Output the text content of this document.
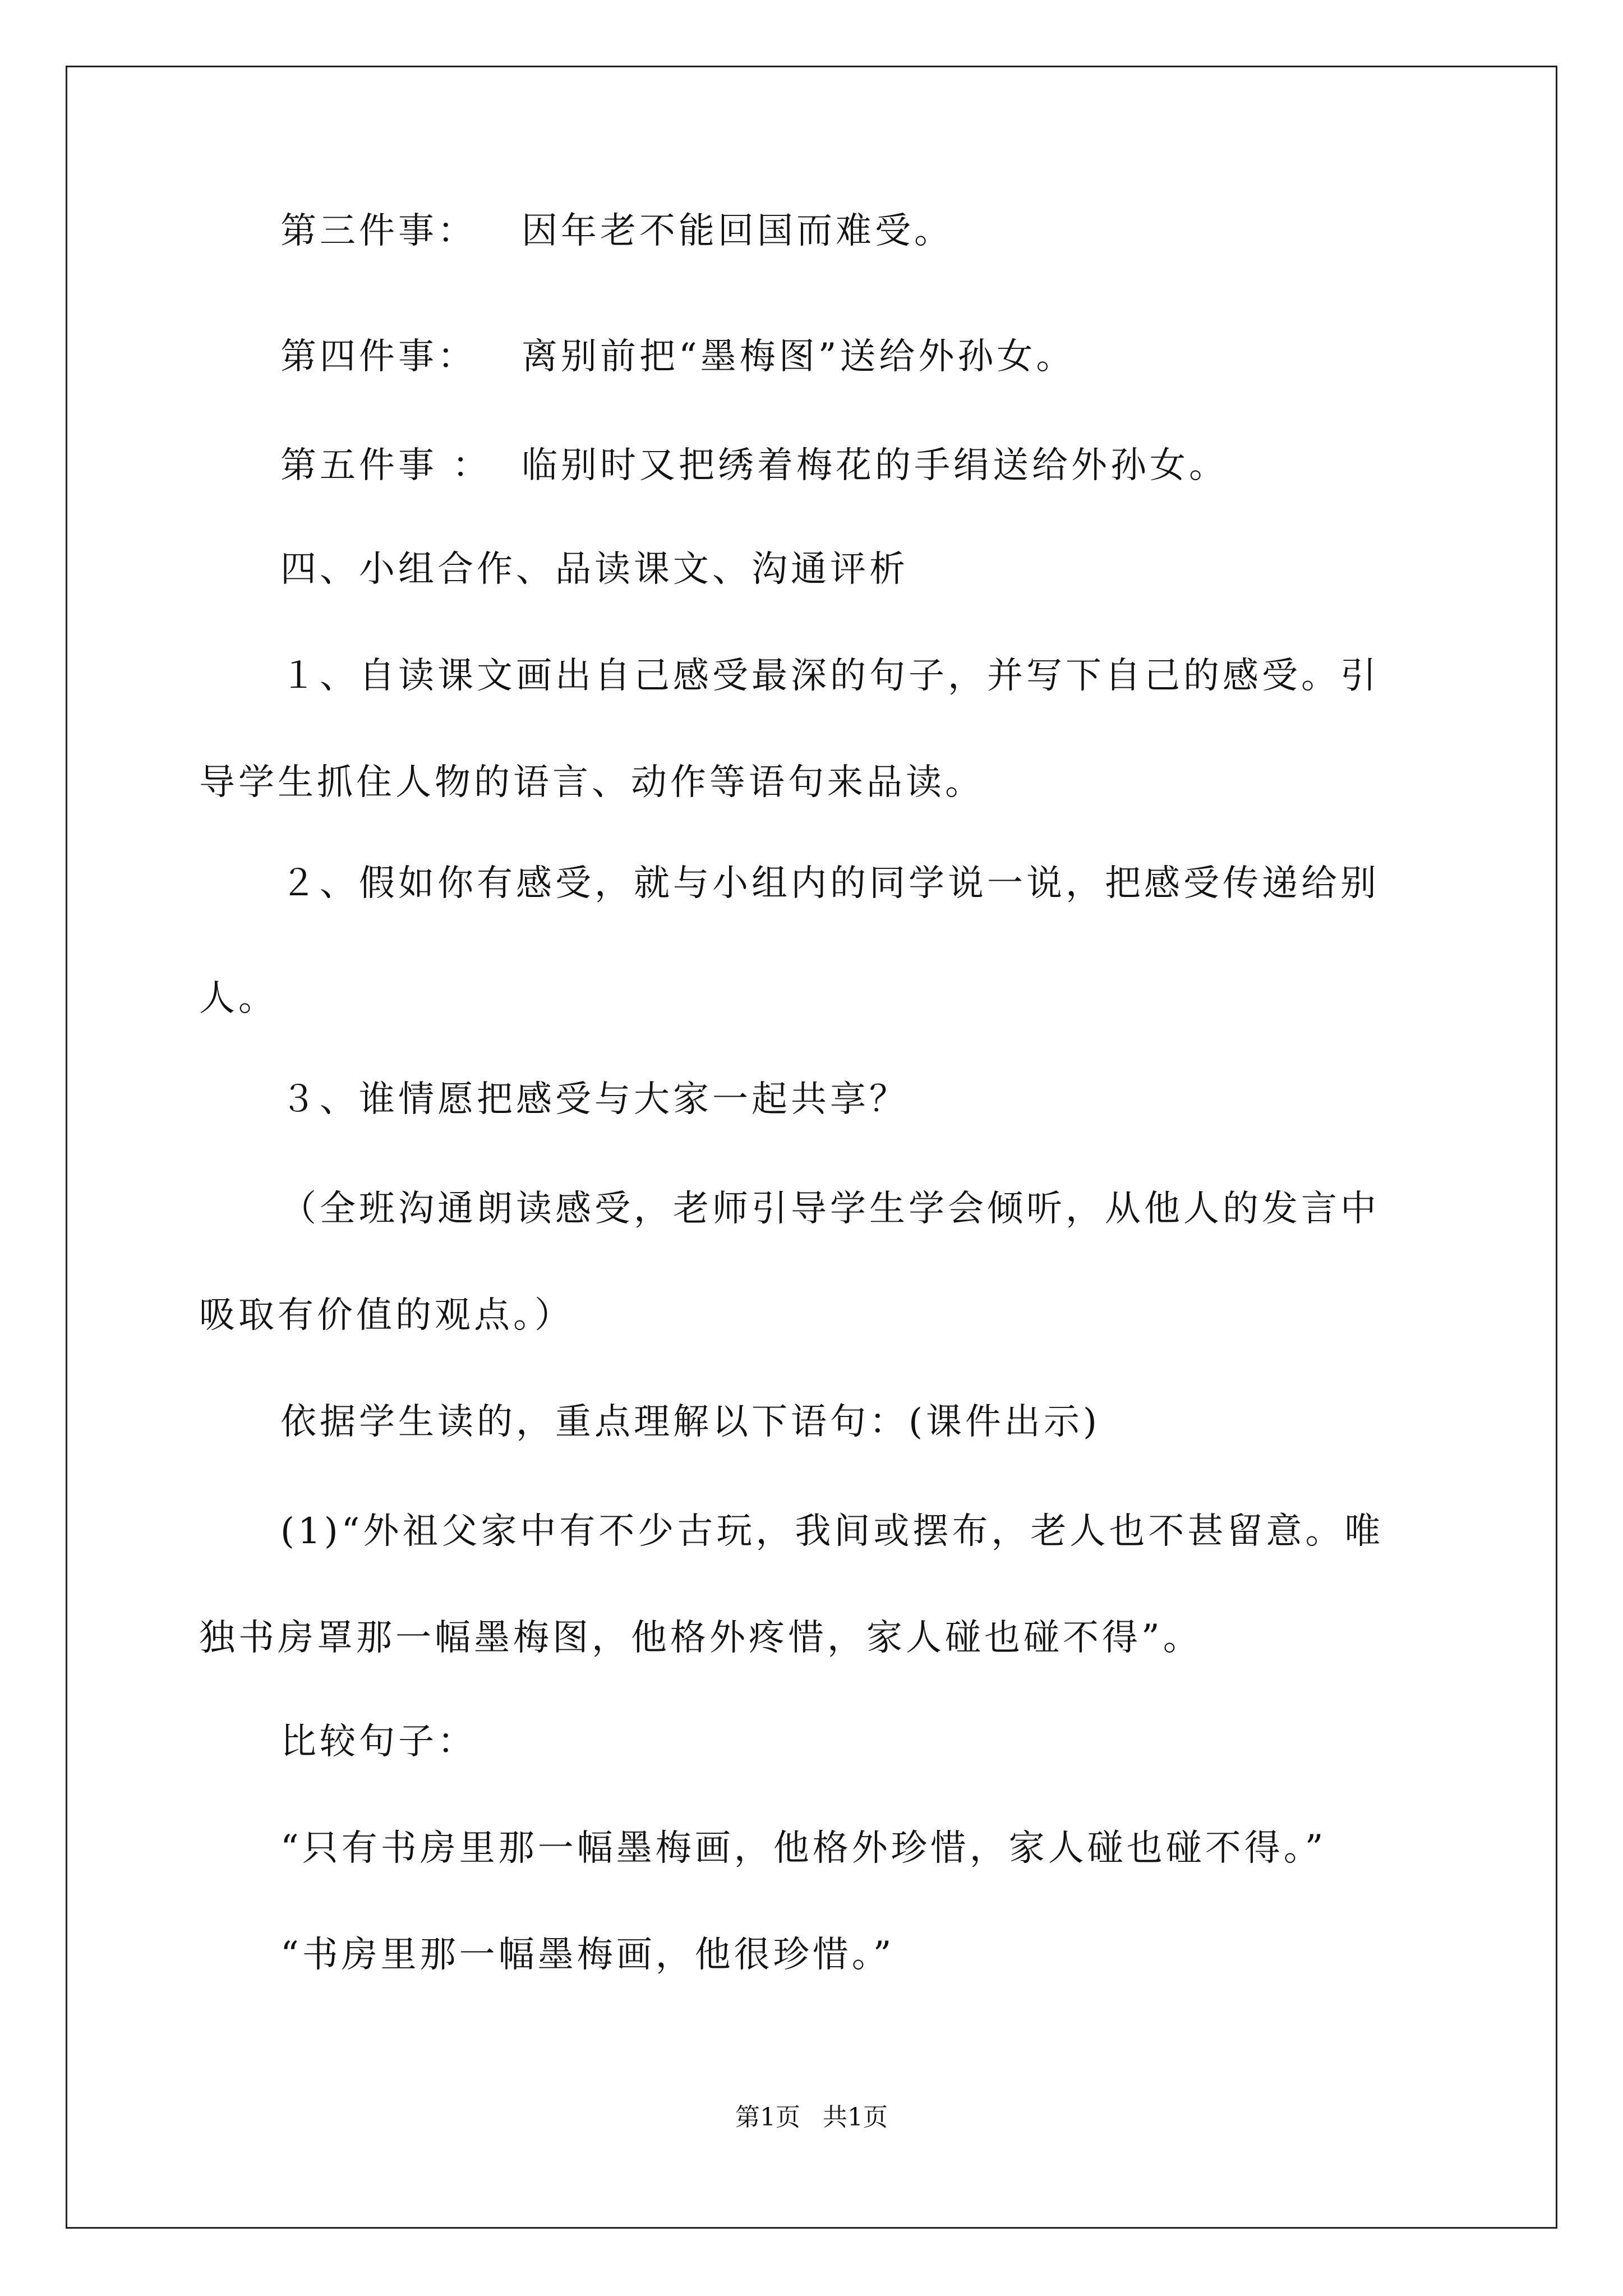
第三件事： 因年老不能回国而难受。
第四件事： 离别前把“墨梅图”送给外孙女。
第五件事 ： 临别时又把绣着梅花的手绢送给外孙女。
四、小组合作、品读课文、沟通评析
１、自读课文画出自己感受最深的句子，并写下自己的感受。引
导学生抓住人物的语言、动作等语句来品读。
２、假如你有感受，就与小组内的同学说一说，把感受传递给别
人。
３、谁情愿把感受与大家一起共享？
（全班沟通朗读感受，老师引导学生学会倾听，从他人的发言中
吸取有价值的观点。）
依据学生读的，重点理解以下语句：(课件出示)
(1)“外祖父家中有不少古玩，我间或摆布，老人也不甚留意。唯
独书房罩那一幅墨梅图，他格外疼惜，家人碰也碰不得”。
比较句子：
“只有书房里那一幅墨梅画，他格外珍惜，家人碰也碰不得。”
“书房里那一幅墨梅画，他很珍惜。”
第1页 共1页
